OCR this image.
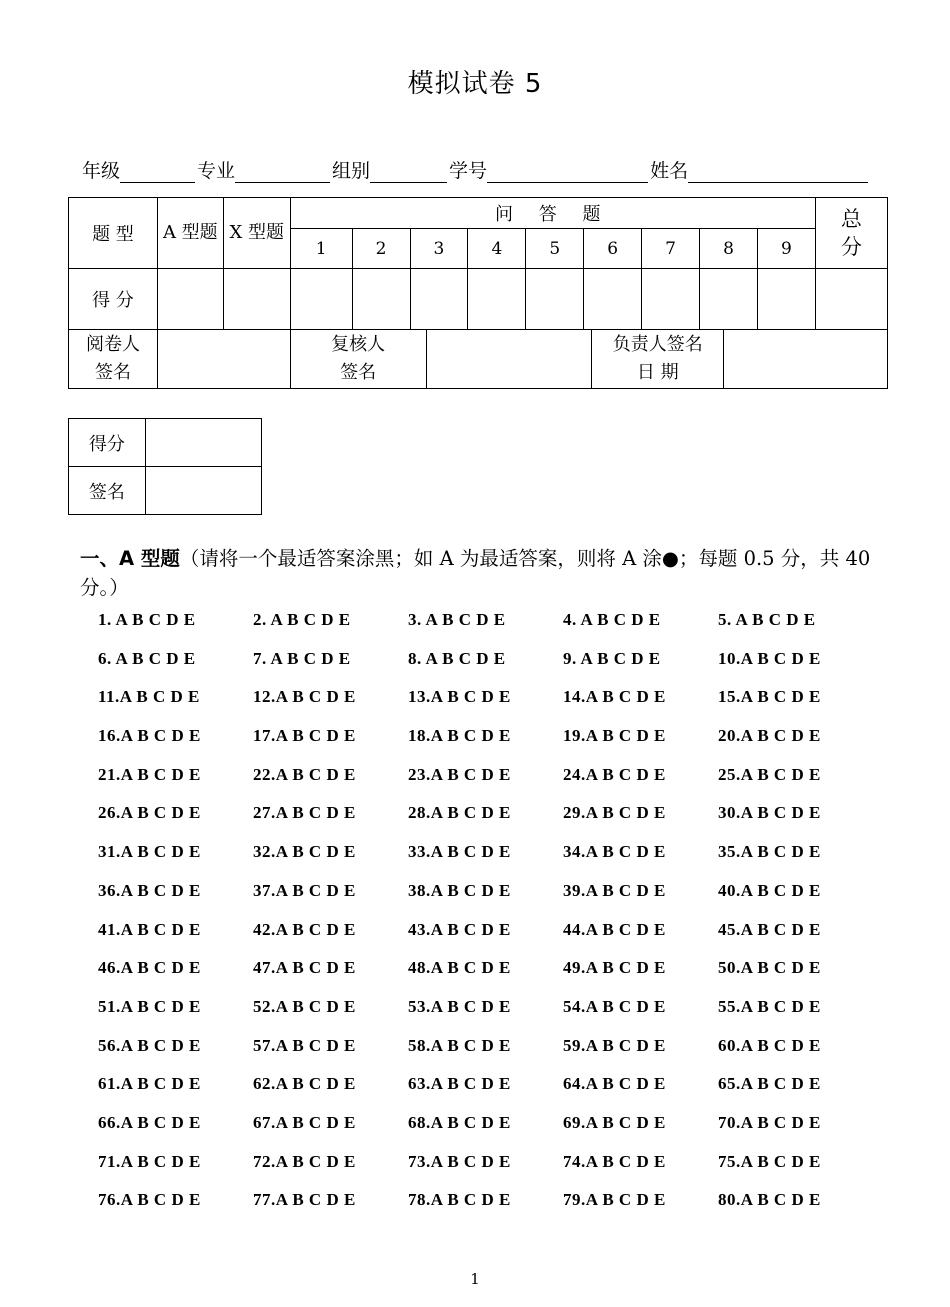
模拟试卷 5
年级	专业	组别	学号	姓名
题 型	A 型题	X 型题	问 答 题									总分
			1	2	3	4	5	6	7	8	9	
得 分												
阅卷人签名		复核人签名		负责人签名日 期	
得分	
签名	
一、A 型题（请将一个最适答案涂黑；如 A 为最适答案，则将 A 涂●；每题 0.5 分，共 40 分。）
1. A B C D E	2. A B C D E	3. A B C D E	4. A B C D E	5. A B C D E
6. A B C D E	7. A B C D E	8. A B C D E	9. A B C D E	10.A B C D E
11.A B C D E	12.A B C D E	13.A B C D E	14.A B C D E	15.A B C D E
16.A B C D E	17.A B C D E	18.A B C D E	19.A B C D E	20.A B C D E
21.A B C D E	22.A B C D E	23.A B C D E	24.A B C D E	25.A B C D E
26.A B C D E	27.A B C D E	28.A B C D E	29.A B C D E	30.A B C D E
31.A B C D E	32.A B C D E	33.A B C D E	34.A B C D E	35.A B C D E
36.A B C D E	37.A B C D E	38.A B C D E	39.A B C D E	40.A B C D E
41.A B C D E	42.A B C D E	43.A B C D E	44.A B C D E	45.A B C D E
46.A B C D E	47.A B C D E	48.A B C D E	49.A B C D E	50.A B C D E
51.A B C D E	52.A B C D E	53.A B C D E	54.A B C D E	55.A B C D E
56.A B C D E	57.A B C D E	58.A B C D E	59.A B C D E	60.A B C D E
61.A B C D E	62.A B C D E	63.A B C D E	64.A B C D E	65.A B C D E
66.A B C D E	67.A B C D E	68.A B C D E	69.A B C D E	70.A B C D E
71.A B C D E	72.A B C D E	73.A B C D E	74.A B C D E	75.A B C D E
76.A B C D E	77.A B C D E	78.A B C D E	79.A B C D E	80.A B C D E
1
